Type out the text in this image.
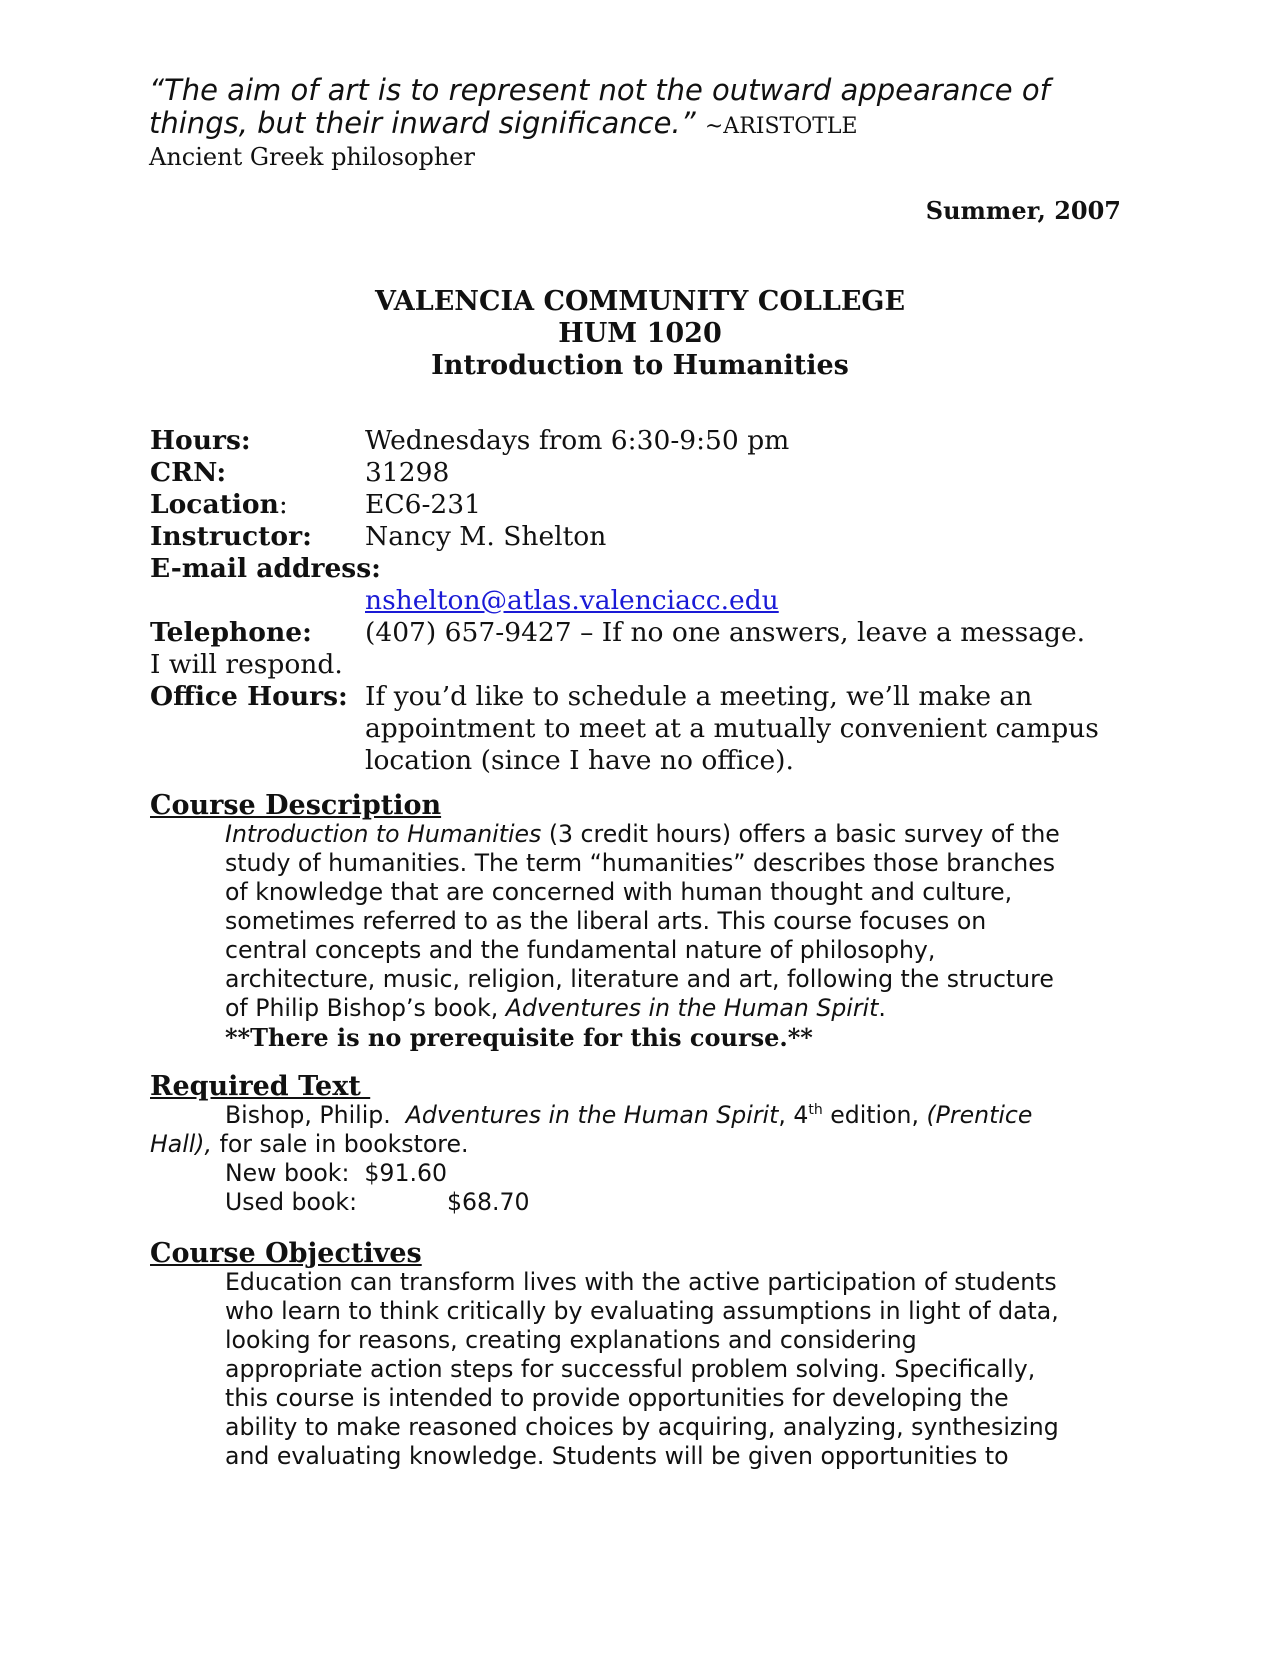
“The aim of art is to represent not the outward appearance of things, but their inward significance.” ~ARISTOTLE
Ancient Greek philosopher
Summer, 2007
VALENCIA COMMUNITY COLLEGE
HUM 1020
Introduction to Humanities
Hours:	Wednesdays from 6:30-9:50 pm
CRN:	31298
Location:	EC6-231
Instructor:	Nancy M. Shelton
E-mail address:
nshelton@atlas.valenciacc.edu
Telephone:	(407) 657-9427 – If no one answers, leave a message.
I will respond.
Office Hours: If you’d like to schedule a meeting, we’ll make an
appointment to meet at a mutually convenient campus
location (since I have no office).
Course Description
Introduction to Humanities (3 credit hours) offers a basic survey of the
study of humanities. The term “humanities” describes those branches
of knowledge that are concerned with human thought and culture,
sometimes referred to as the liberal arts. This course focuses on
central concepts and the fundamental nature of philosophy,
architecture, music, religion, literature and art, following the structure
of Philip Bishop’s book, Adventures in the Human Spirit.
**There is no prerequisite for this course.**
Required Text
Bishop, Philip.  Adventures in the Human Spirit, 4th edition, (Prentice
Hall), for sale in bookstore.
New book:  $91.60
Used book:	$68.70
Course Objectives
Education can transform lives with the active participation of students
who learn to think critically by evaluating assumptions in light of data,
looking for reasons, creating explanations and considering
appropriate action steps for successful problem solving. Specifically,
this course is intended to provide opportunities for developing the
ability to make reasoned choices by acquiring, analyzing, synthesizing
and evaluating knowledge. Students will be given opportunities to
